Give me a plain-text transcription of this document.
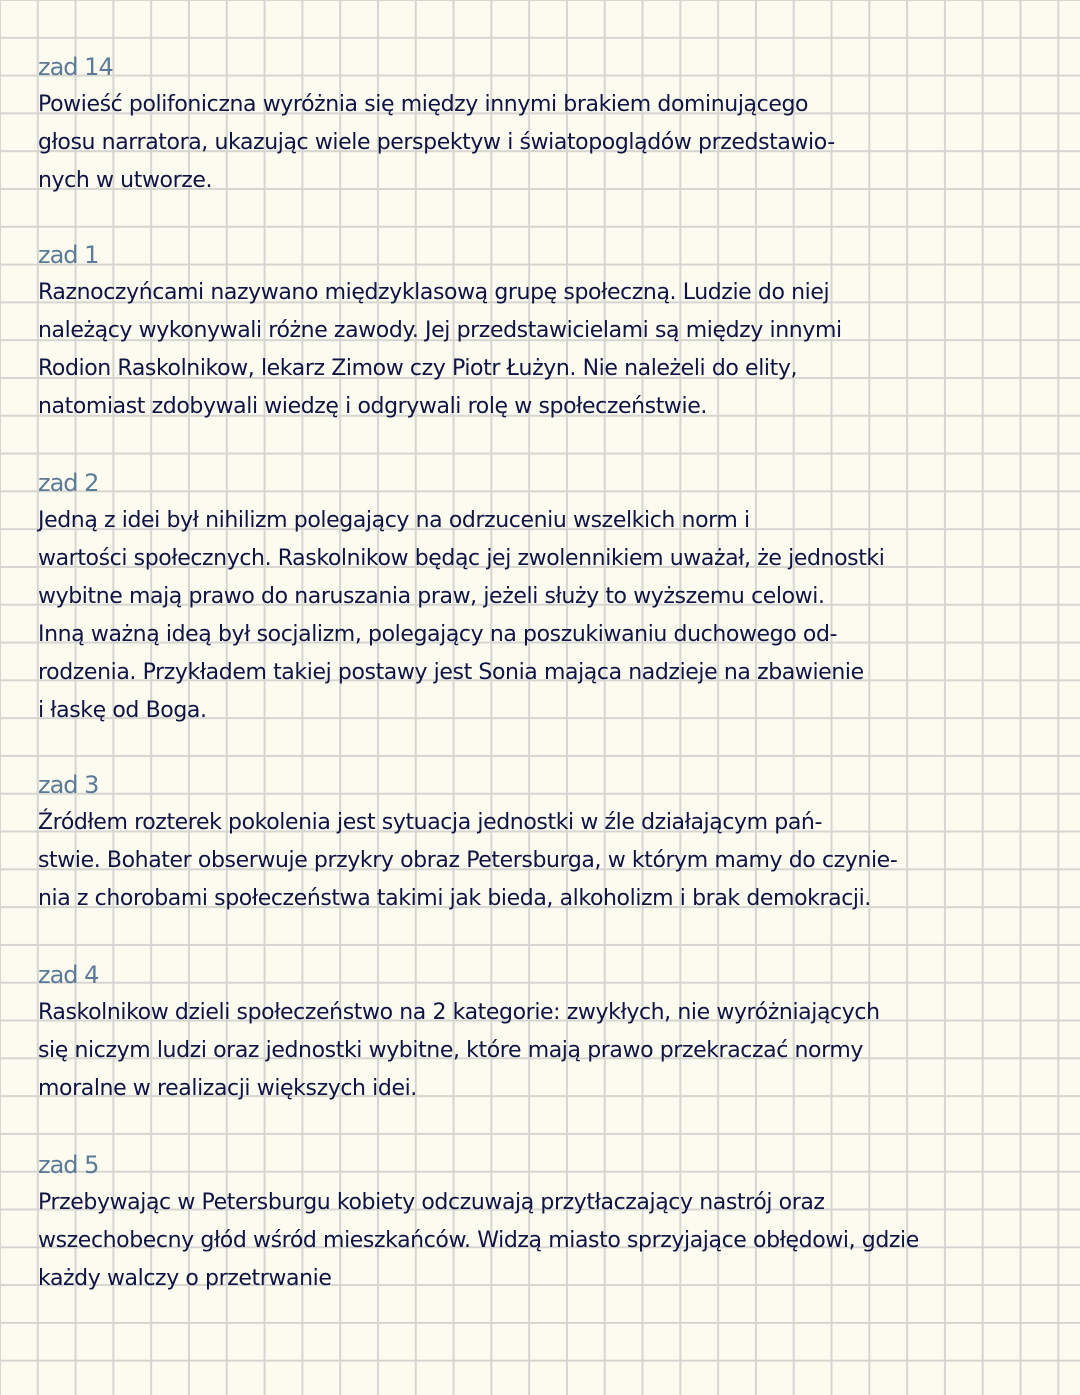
zad 14
Powieść polifoniczna wyróżnia się między innymi brakiem dominującego
głosu narratora, ukazując wiele perspektyw i światopoglądów przedstawio-
nych w utworze.
zad 1
Raznoczyńcami nazywano międzyklasową grupę społeczną. Ludzie do niej
należący wykonywali różne zawody. Jej przedstawicielami są między innymi
Rodion Raskolnikow, lekarz Zimow czy Piotr Łużyn. Nie należeli do elity,
natomiast zdobywali wiedzę i odgrywali rolę w społeczeństwie.
zad 2
Jedną z idei był nihilizm polegający na odrzuceniu wszelkich norm i
wartości społecznych. Raskolnikow będąc jej zwolennikiem uważał, że jednostki
wybitne mają prawo do naruszania praw, jeżeli służy to wyższemu celowi.
Inną ważną ideą był socjalizm, polegający na poszukiwaniu duchowego od-
rodzenia. Przykładem takiej postawy jest Sonia mająca nadzieje na zbawienie
i łaskę od Boga.
zad 3
Źródłem rozterek pokolenia jest sytuacja jednostki w źle działającym pań-
stwie. Bohater obserwuje przykry obraz Petersburga, w którym mamy do czynie-
nia z chorobami społeczeństwa takimi jak bieda, alkoholizm i brak demokracji.
zad 4
Raskolnikow dzieli społeczeństwo na 2 kategorie: zwykłych, nie wyróżniających
się niczym ludzi oraz jednostki wybitne, które mają prawo przekraczać normy
moralne w realizacji większych idei.
zad 5
Przebywając w Petersburgu kobiety odczuwają przytłaczający nastrój oraz
wszechobecny głód wśród mieszkańców. Widzą miasto sprzyjające obłędowi, gdzie
każdy walczy o przetrwanie
